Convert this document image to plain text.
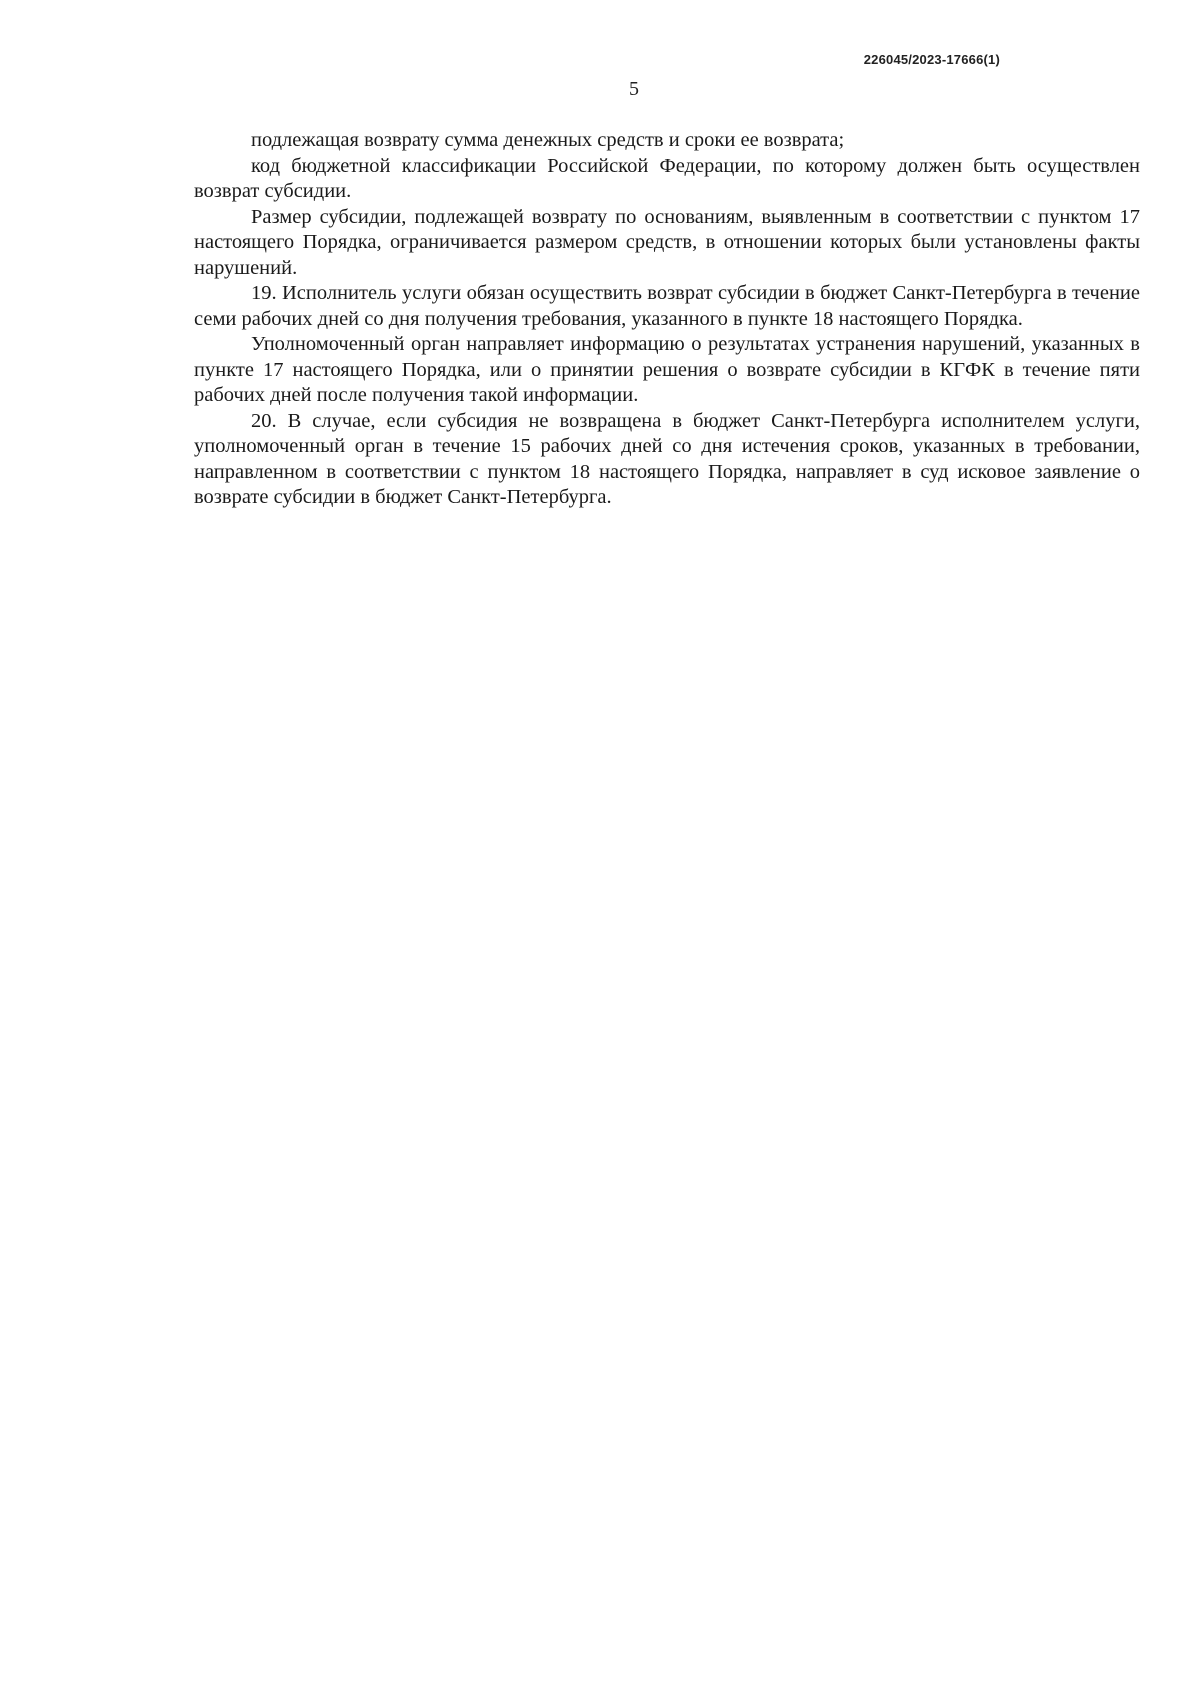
226045/2023-17666(1)
5

подлежащая возврату сумма денежных средств и сроки ее возврата;

код бюджетной классификации Российской Федерации, по которому должен быть осуществлен возврат субсидии.

Размер субсидии, подлежащей возврату по основаниям, выявленным в соответствии с пунктом 17 настоящего Порядка, ограничивается размером средств, в отношении которых были установлены факты нарушений.

19. Исполнитель услуги обязан осуществить возврат субсидии в бюджет Санкт-Петербурга в течение семи рабочих дней со дня получения требования, указанного в пункте 18 настоящего Порядка.

Уполномоченный орган направляет информацию о результатах устранения нарушений, указанных в пункте 17 настоящего Порядка, или о принятии решения о возврате субсидии в КГФК в течение пяти рабочих дней после получения такой информации.

20. В случае, если субсидия не возвращена в бюджет Санкт-Петербурга исполнителем услуги, уполномоченный орган в течение 15 рабочих дней со дня истечения сроков, указанных в требовании, направленном в соответствии с пунктом 18 настоящего Порядка, направляет в суд исковое заявление о возврате субсидии в бюджет Санкт-Петербурга.
